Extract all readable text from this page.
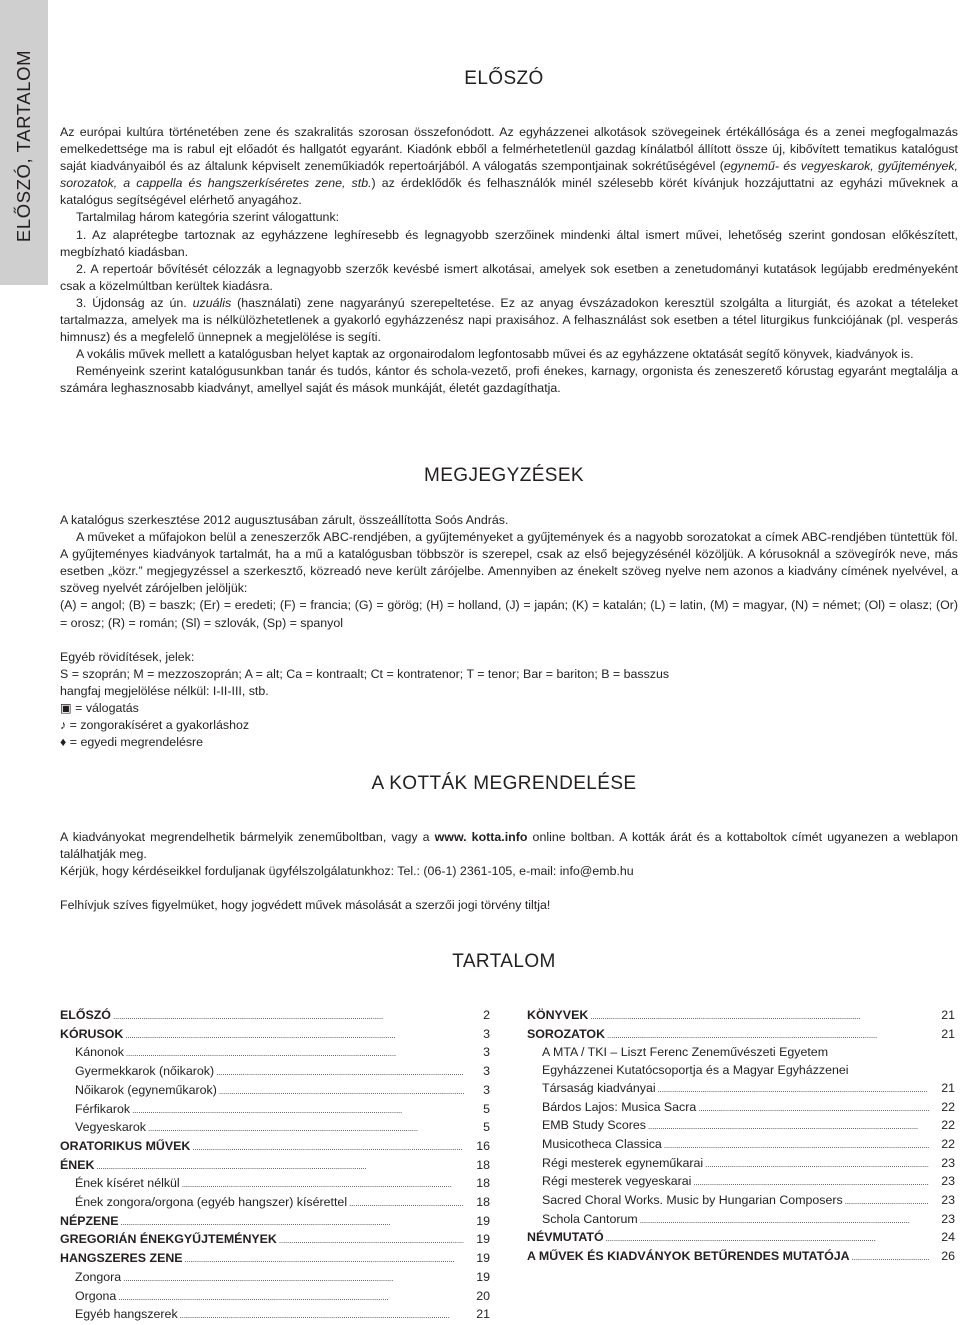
ELŐSZÓ, TARTALOM	ELŐSZÓ

Az európai kultúra történetében zene és szakralitás szorosan összefonódott. Az egyházzenei alkotások szövegeinek értékállósága és a zenei megfogalmazás emelkedettsége ma is rabul ejt előadót és hallgatót egyaránt. Kiadónk ebből a felmérhetetlenül gazdag kínálatból állított össze új, kibővített tematikus katalógust saját kiadványaiból és az általunk képviselt zeneműkiadók repertoárjából. A válogatás szempontjainak sokrétűségével (egynemű- és vegyeskarok, gyűjtemények, sorozatok, a cappella és hangszerkíséretes zene, stb.) az érdeklődők és felhasználók minél szélesebb körét kívánjuk hozzájuttatni az egyházi műveknek a katalógus segítségével elérhető anyagához.

Tartalmilag három kategória szerint válogattunk:

1. Az alaprétegbe tartoznak az egyházzene leghíresebb és legnagyobb szerzőinek mindenki által ismert művei, lehetőség szerint gondosan előkészített, megbízható kiadásban.

2. A repertoár bővítését célozzák a legnagyobb szerzők kevésbé ismert alkotásai, amelyek sok esetben a zenetudományi kutatások legújabb eredményeként csak a közelmúltban kerültek kiadásra.

3. Újdonság az ún. uzuális (használati) zene nagyarányú szerepeltetése. Ez az anyag évszázadokon keresztül szolgálta a liturgiát, és azokat a tételeket tartalmazza, amelyek ma is nélkülözhetetlenek a gyakorló egyházzenész napi praxisához. A felhasználást sok esetben a tétel liturgikus funkciójának (pl. vesperás himnusz) és a megfelelő ünnepnek a megjelölése is segíti.

A vokális művek mellett a katalógusban helyet kaptak az orgonairodalom legfontosabb művei és az egyházzene oktatását segítő könyvek, kiadványok is.

Reményeink szerint katalógusunkban tanár és tudós, kántor és schola-vezető, profi énekes, karnagy, orgonista és zeneszerető kórustag egyaránt megtalálja a számára leghasznosabb kiadványt, amellyel saját és mások munkáját, életét gazdagíthatja.

MEGJEGYZÉSEK

A katalógus szerkesztése 2012 augusztusában zárult, összeállította Soós András.

A műveket a műfajokon belül a zeneszerzők ABC-rendjében, a gyűjteményeket a gyűjtemények és a nagyobb sorozatokat a címek ABC-rendjében tüntettük föl. A gyűjteményes kiadványok tartalmát, ha a mű a katalógusban többször is szerepel, csak az első bejegyzésénél közöljük. A kórusoknál a szövegírók neve, más esetben „közr.” megjegyzéssel a szerkesztő, közreadó neve került zárójelbe. Amennyiben az énekelt szöveg nyelve nem azonos a kiadvány címének nyelvével, a szöveg nyelvét zárójelben jelöljük:

(A) = angol; (B) = baszk; (Er) = eredeti; (F) = francia; (G) = görög; (H) = holland, (J) = japán; (K) = katalán; (L) = latin, (M) = magyar, (N) = német; (Ol) = olasz; (Or) = orosz; (R) = román; (Sl) = szlovák, (Sp) = spanyol

Egyéb rövidítések, jelek:

S = szoprán; M = mezzoszoprán; A = alt; Ca = kontraalt; Ct = kontratenor; T = tenor; Bar = bariton; B = basszus

hangfaj megjelölése nélkül: I-II-III, stb.

▣ = válogatás

♪ = zongorakíséret a gyakorláshoz

♦ = egyedi megrendelésre

A KOTTÁK MEGRENDELÉSE

A kiadványokat megrendelhetik bármelyik zeneműboltban, vagy a www. kotta.info online boltban. A kották árát és a kottaboltok címét ugyanezen a weblapon találhatják meg.

Kérjük, hogy kérdéseikkel forduljanak ügyfélszolgálatunkhoz: Tel.: (06-1) 2361-105, e-mail: info@emb.hu

Felhívjuk szíves figyelmüket, hogy jogvédett művek másolását a szerzői jogi törvény tiltja!

TARTALOM
ELŐSZÓ . . .	2
KÓRUSOK . . .	3
Kánonok . . .	3
Gyermekkarok (nőikarok) . . .	3
Nőikarok (egyneműkarok) . . .	3
Férfikarok . . .	5
Vegyeskarok . . .	5
ORATORIKUS MŰVEK . . .	16
ÉNEK . . .	18
Ének kíséret nélkül . . .	18
Ének zongora/orgona (egyéb hangszer) kísérettel . . .	18
NÉPZENE . . .	19
GREGORIÁN ÉNEKGYŰJTEMÉNYEK . . .	19
HANGSZERES ZENE . . .	19
Zongora . . .	19
Orgona . . .	20
Egyéb hangszerek . . .	21
KÖNYVEK . . .	21
SOROZATOK . . .	21
A MTA / TKI – Liszt Ferenc Zeneművészeti Egyetem
Egyházzenei Kutatócsoportja és a Magyar Egyházzenei
Társaság kiadványai . . .	21
Bárdos Lajos: Musica Sacra . . .	22
EMB Study Scores . . .	22
Musicotheca Classica . . .	22
Régi mesterek egyneműkarai . . .	23
Régi mesterek vegyeskarai . . .	23
Sacred Choral Works. Music by Hungarian Composers . . .	23
Schola Cantorum . . .	23
NÉVMUTATÓ . . .	24
A MŰVEK ÉS KIADVÁNYOK BETŰRENDES MUTATÓJA . . .	26
